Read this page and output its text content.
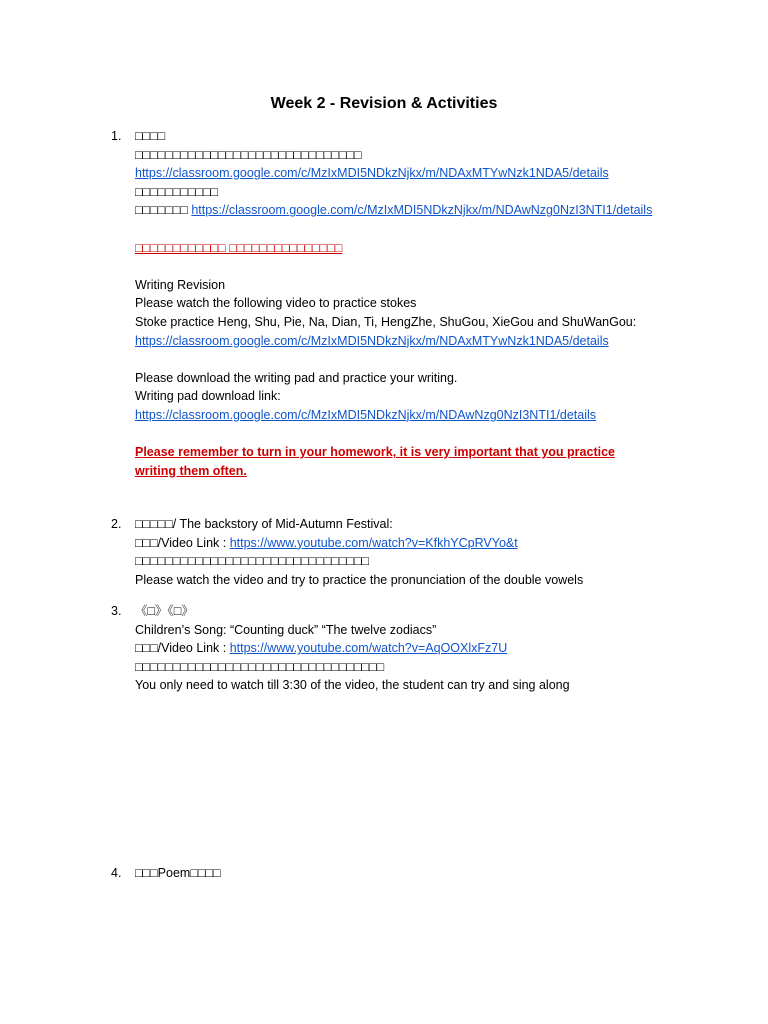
Week 2 - Revision & Activities
1.	□□□□
□□□□□□□□□□□□□□□□□□□□□□□□□□□□□□
https://classroom.google.com/c/MzIxMDI5NDkzNjkx/m/NDAxMTYwNzk1NDA5/details
□□□□□□□□□□□
□□□□□□□ https://classroom.google.com/c/MzIxMDI5NDkzNjkx/m/NDAwNzg0NzI3NTI1/details
□□□□□□□□□□□□ □□□□□□□□□□□□□□□
Writing Revision
Please watch the following video to practice stokes
Stoke practice Heng, Shu, Pie, Na, Dian, Ti, HengZhe, ShuGou, XieGou and ShuWanGou:
https://classroom.google.com/c/MzIxMDI5NDkzNjkx/m/NDAxMTYwNzk1NDA5/details
Please download the writing pad and practice your writing.
Writing pad download link:
https://classroom.google.com/c/MzIxMDI5NDkzNjkx/m/NDAwNzg0NzI3NTI1/details
Please remember to turn in your homework, it is very important that you practice writing them often.
2.	□□□□□/ The backstory of Mid-Autumn Festival:
□□□/Video Link : https://www.youtube.com/watch?v=KfkhYCpRVYo&t
□□□□□□□□□□□□□□□□□□□□□□□□□□□□□□□
Please watch the video and try to practice the pronunciation of the double vowels
3.	《□》《□》
Children’s Song: “Counting duck” “The twelve zodiacs”
□□□/Video Link : https://www.youtube.com/watch?v=AqOOXlxFz7U
□□□□□□□□□□□□□□□□□□□□□□□□□□□□□□□□□
You only need to watch till 3:30 of the video, the student can try and sing along
4.	□□□Poem□□□□
